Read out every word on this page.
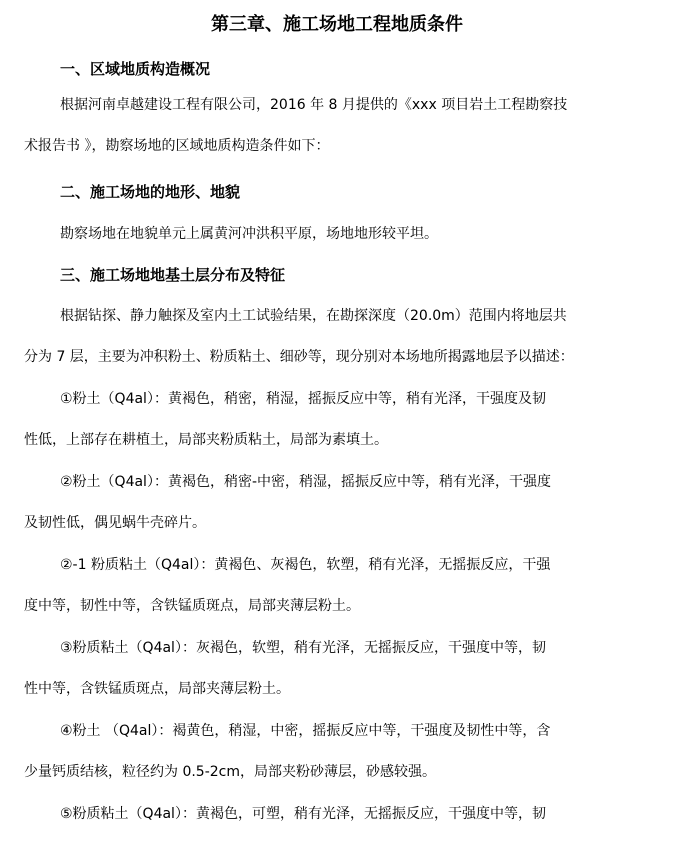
第三章、施工场地工程地质条件
一、区域地质构造概况
根据河南卓越建设工程有限公司，2016 年 8 月提供的《xxx 项目岩土工程勘察技
术报告书 》，勘察场地的区域地质构造条件如下：
二、施工场地的地形、地貌
勘察场地在地貌单元上属黄河冲洪积平原，场地地形较平坦。
三、施工场地地基土层分布及特征
根据钻探、静力触探及室内土工试验结果，在勘探深度（20.0m）范围内将地层共
分为 7 层，主要为冲积粉土、粉质粘土、细砂等，现分别对本场地所揭露地层予以描述：
①粉土（Q4al）：黄褐色，稍密，稍湿，摇振反应中等，稍有光泽，干强度及韧
性低，上部存在耕植土，局部夹粉质粘土，局部为素填土。
②粉土（Q4al）：黄褐色，稍密-中密，稍湿，摇振反应中等，稍有光泽，干强度
及韧性低，偶见蜗牛壳碎片。
②-1 粉质粘土（Q4al）：黄褐色、灰褐色，软塑，稍有光泽，无摇振反应，干强
度中等，韧性中等，含铁锰质斑点，局部夹薄层粉土。
③粉质粘土（Q4al）：灰褐色，软塑，稍有光泽，无摇振反应，干强度中等，韧
性中等，含铁锰质斑点，局部夹薄层粉土。
④粉土 （Q4al）：褐黄色，稍湿，中密，摇振反应中等，干强度及韧性中等，含
少量钙质结核，粒径约为 0.5-2cm，局部夹粉砂薄层，砂感较强。
⑤粉质粘土（Q4al）：黄褐色，可塑，稍有光泽，无摇振反应，干强度中等，韧
